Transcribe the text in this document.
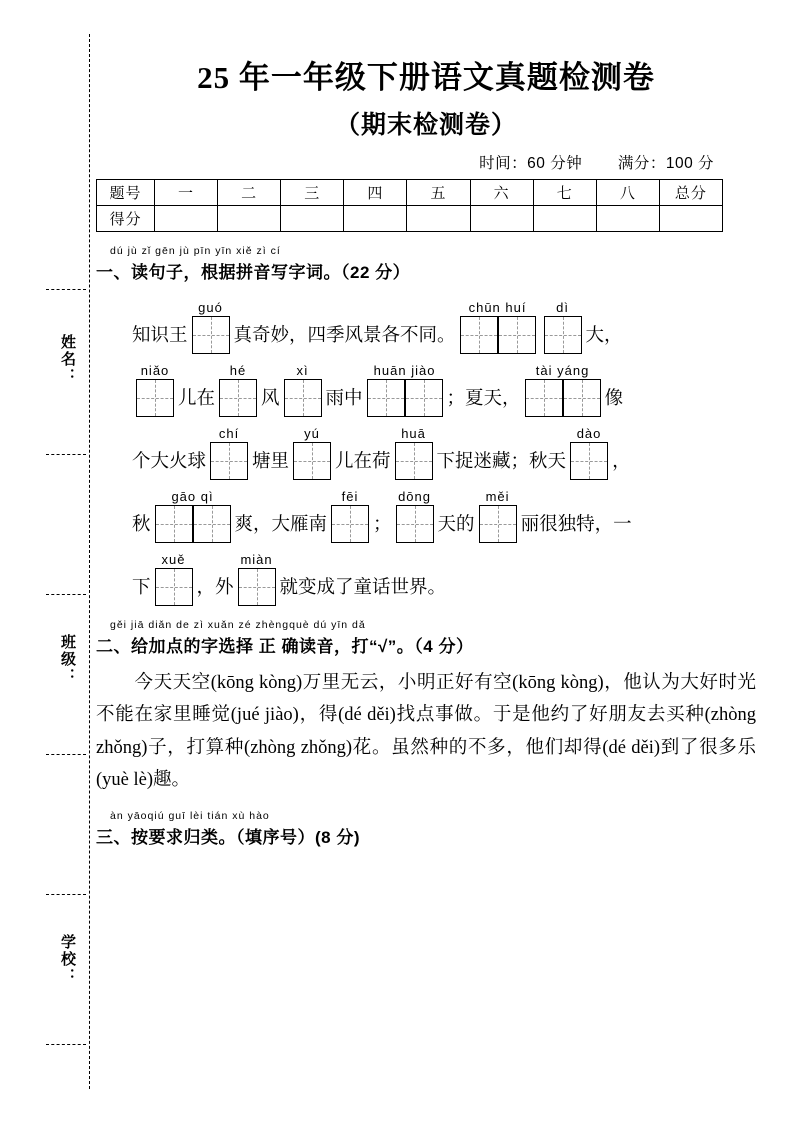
姓名：
班级：
学校：
25 年一年级下册语文真题检测卷
（期末检测卷）
时间：60 分钟 满分：100 分
题号	一	二	三	四	五	六	七	八	总分
得分									
dú jù zǐ gēn jù pīn yīn xiě zì cí
一、读句子，根据拼音写字词。（22 分）
知识王
guó
真奇妙，四季风景各不同。
chūn huí dì
大 ，
niǎo
儿在
hé
风
xì
雨中
huān jiào
；夏天，
tài yáng
像
个大火球
chí
塘里
yú
儿在荷
huā
下捉迷藏；秋天
dào
，
秋
gāo qì
爽，大雁南
fēi
；
dōng
天的
měi
丽很独特，一
下
xuě
，外
miàn
就变成了童话世界。
gěi jiā diǎn de zì xuǎn zé zhèngquè dú yīn dǎ
二、给加点的字选择 正 确读音，打“√”。（4 分）
今天天空(kōng kòng)万里无云，小明正好有空(kōng kòng)，他认为大好时光不能在家里睡觉(jué jiào)，得(dé děi)找点事做。于是他约了好朋友去买种(zhòng zhǒng)子，打算种(zhòng zhǒng)花。虽然种的不多，他们却得(dé děi)到了很多乐(yuè lè)趣。
àn yāoqiú guī lèi tián xù hào
三、按要求归类。（填序号）(8 分)
